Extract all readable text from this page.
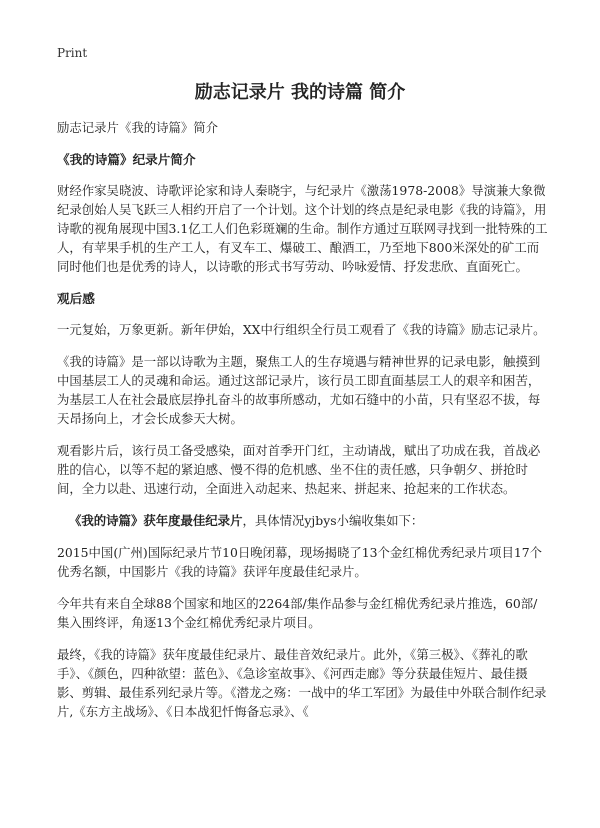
Print
励志记录片 我的诗篇 简介

励志记录片《我的诗篇》简介

《我的诗篇》纪录片简介

财经作家吴晓波、诗歌评论家和诗人秦晓宇，与纪录片《激荡1978-2008》导演兼大象微纪录创始人吴飞跃三人相约开启了一个计划。这个计划的终点是纪录电影《我的诗篇》，用诗歌的视角展现中国3.1亿工人们色彩斑斓的生命。制作方通过互联网寻找到一批特殊的工人，有苹果手机的生产工人，有叉车工、爆破工、酿酒工，乃至地下800米深处的矿工而同时他们也是优秀的诗人，以诗歌的形式书写劳动、吟咏爱情、抒发悲欣、直面死亡。

观后感

一元复始，万象更新。新年伊始，XX中行组织全行员工观看了《我的诗篇》励志记录片。

《我的诗篇》是一部以诗歌为主题，聚焦工人的生存境遇与精神世界的记录电影，触摸到中国基层工人的灵魂和命运。通过这部记录片，该行员工即直面基层工人的艰辛和困苦，为基层工人在社会最底层挣扎奋斗的故事所感动，尤如石缝中的小苗，只有坚忍不拔，每天昂扬向上，才会长成参天大树。

观看影片后，该行员工备受感染，面对首季开门红，主动请战，赋出了功成在我，首战必胜的信心，以等不起的紧迫感、慢不得的危机感、坐不住的责任感，只争朝夕、拼抢时间，全力以赴、迅速行动，全面进入动起来、热起来、拼起来、抢起来的工作状态。

《我的诗篇》获年度最佳纪录片，具体情况yjbys小编收集如下：

2015中国(广州)国际纪录片节10日晚闭幕，现场揭晓了13个金红棉优秀纪录片项目17个优秀名额，中国影片《我的诗篇》获评年度最佳纪录片。

今年共有来自全球88个国家和地区的2264部/集作品参与金红棉优秀纪录片推选，60部/集入围终评，角逐13个金红棉优秀纪录片项目。

最终，《我的诗篇》获年度最佳纪录片、最佳音效纪录片。此外，《第三极》、《葬礼的歌手》、《颜色，四种欲望：蓝色》、《急诊室故事》、《河西走廊》等分获最佳短片、最佳摄影、剪辑、最佳系列纪录片等。《潜龙之殇：一战中的华工军团》为最佳中外联合制作纪录片,《东方主战场》、《日本战犯忏悔备忘录》、《
